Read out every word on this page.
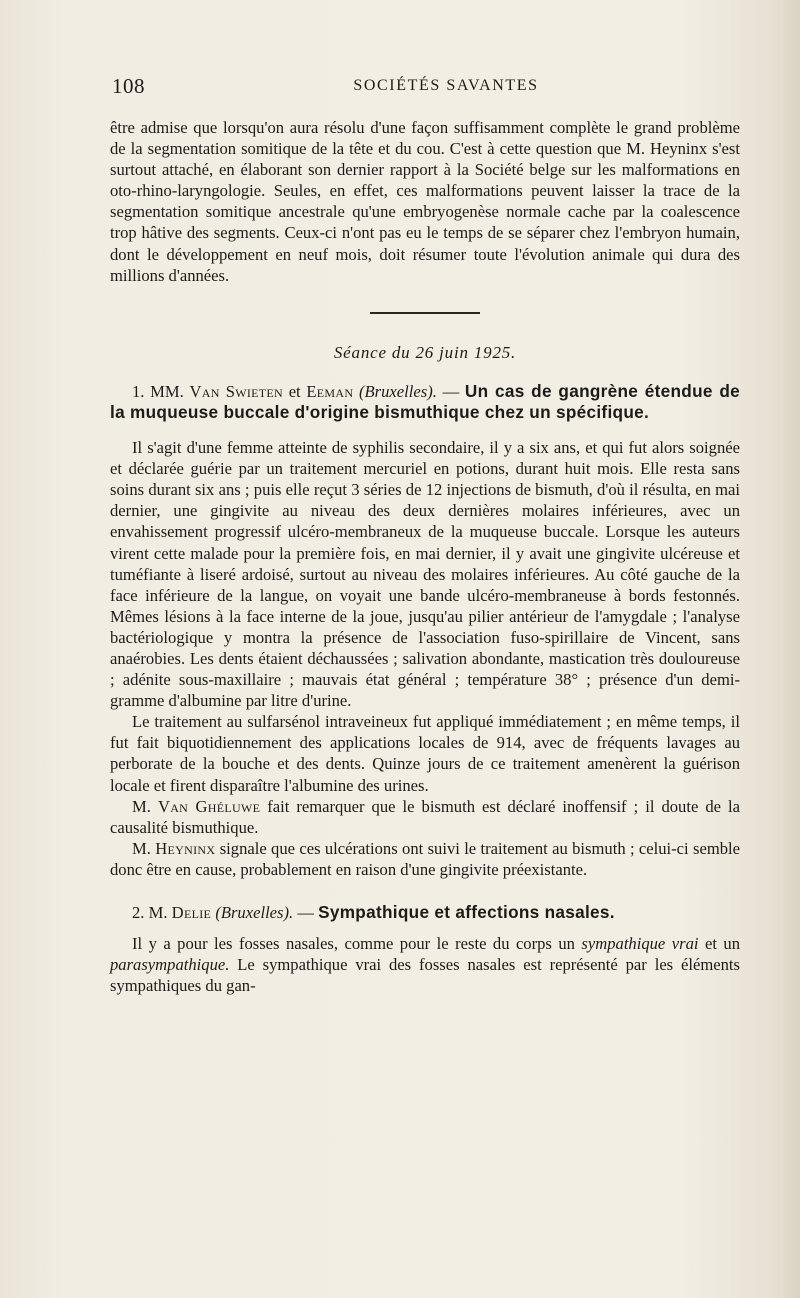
108	SOCIÉTÉS SAVANTES

être admise que lorsqu'on aura résolu d'une façon suffisamment complète le grand problème de la segmentation somitique de la tête et du cou. C'est à cette question que M. Heyninx s'est surtout attaché, en élaborant son dernier rapport à la Société belge sur les malformations en oto-rhino-laryngologie. Seules, en effet, ces malformations peuvent laisser la trace de la segmentation somitique ancestrale qu'une embryogenèse normale cache par la coalescence trop hâtive des segments. Ceux-ci n'ont pas eu le temps de se séparer chez l'embryon humain, dont le développement en neuf mois, doit résumer toute l'évolution animale qui dura des millions d'années.

Séance du 26 juin 1925.

1. MM. Van Swieten et Eeman (Bruxelles). — Un cas de gangrène étendue de la muqueuse buccale d'origine bismuthique chez un spécifique.

Il s'agit d'une femme atteinte de syphilis secondaire, il y a six ans, et qui fut alors soignée et déclarée guérie par un traitement mercuriel en potions, durant huit mois. Elle resta sans soins durant six ans ; puis elle reçut 3 séries de 12 injections de bismuth, d'où il résulta, en mai dernier, une gingivite au niveau des deux dernières molaires inférieures, avec un envahissement progressif ulcéro-membraneux de la muqueuse buccale. Lorsque les auteurs virent cette malade pour la première fois, en mai dernier, il y avait une gingivite ulcéreuse et tuméfiante à liseré ardoisé, surtout au niveau des molaires inférieures. Au côté gauche de la face inférieure de la langue, on voyait une bande ulcéro-membraneuse à bords festonnés. Mêmes lésions à la face interne de la joue, jusqu'au pilier antérieur de l'amygdale ; l'analyse bactériologique y montra la présence de l'association fuso-spirillaire de Vincent, sans anaérobies. Les dents étaient déchaussées ; salivation abondante, mastication très douloureuse ; adénite sous-maxillaire ; mauvais état général ; température 38° ; présence d'un demi-gramme d'albumine par litre d'urine.

Le traitement au sulfarsénol intraveineux fut appliqué immédiatement ; en même temps, il fut fait biquotidiennement des applications locales de 914, avec de fréquents lavages au perborate de la bouche et des dents. Quinze jours de ce traitement amenèrent la guérison locale et firent disparaître l'albumine des urines.

M. Van Ghéluwe fait remarquer que le bismuth est déclaré inoffensif ; il doute de la causalité bismuthique.

M. Heyninx signale que ces ulcérations ont suivi le traitement au bismuth ; celui-ci semble donc être en cause, probablement en raison d'une gingivite préexistante.

2. M. Delie (Bruxelles). — Sympathique et affections nasales.

Il y a pour les fosses nasales, comme pour le reste du corps un sympathique vrai et un parasympathique. Le sympathique vrai des fosses nasales est représenté par les éléments sympathiques du gan-
